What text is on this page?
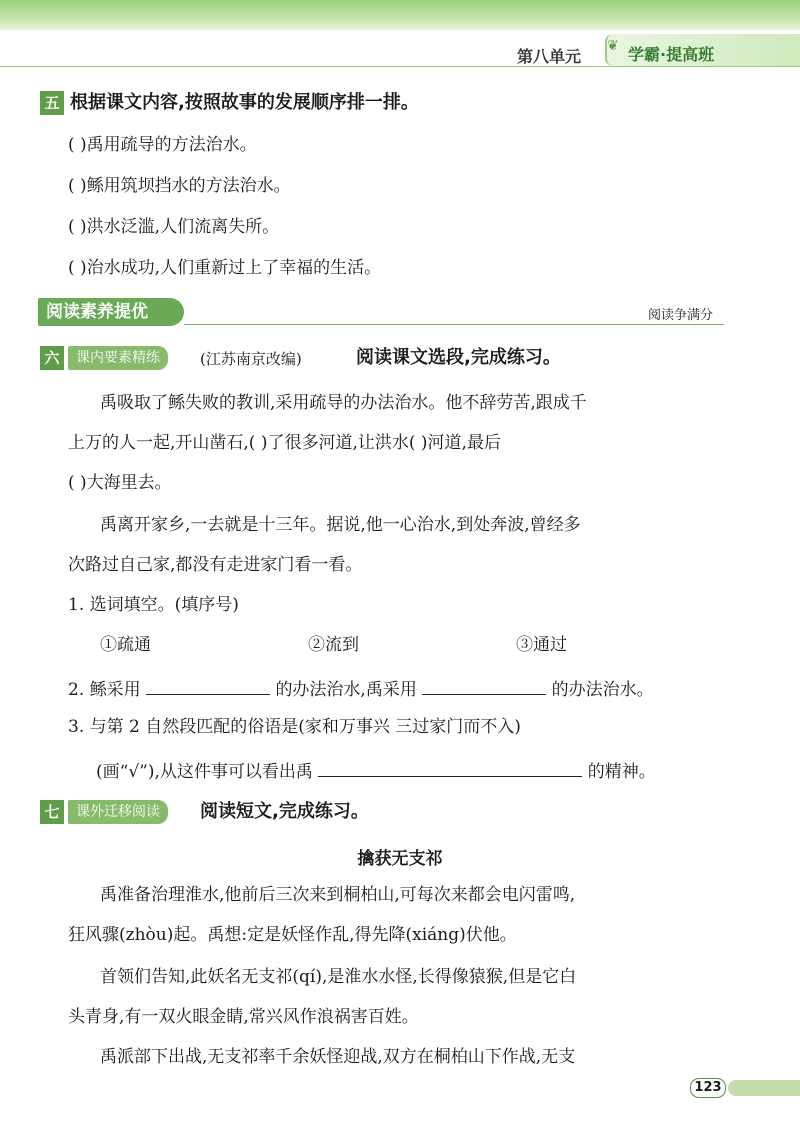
❦
第八单元	学霸·提高班
五 根据课文内容,按照故事的发展顺序排一排。
( )禹用疏导的方法治水。
( )鲧用筑坝挡水的方法治水。
( )洪水泛滥,人们流离失所。
( )治水成功,人们重新过上了幸福的生活。
阅读素养提优	阅读争满分
六	课内要素精练	(江苏南京改编)	阅读课文选段,完成练习。
禹吸取了鲧失败的教训,采用疏导的办法治水。他不辞劳苦,跟成千
上万的人一起,开山凿石,( )了很多河道,让洪水( )河道,最后
( )大海里去。
禹离开家乡,一去就是十三年。据说,他一心治水,到处奔波,曾经多
次路过自己家,都没有走进家门看一看。
1. 选词填空。(填序号)
①疏通	②流到	③通过
2. 鲧采用	的办法治水,禹采用	的办法治水。
3. 与第 2 自然段匹配的俗语是(家和万事兴 三过家门而不入)
(画“√”),从这件事可以看出禹	的精神。
七	课外迁移阅读	阅读短文,完成练习。
擒获无支祁
禹准备治理淮水,他前后三次来到桐柏山,可每次来都会电闪雷鸣,
狂风骤(zhòu)起。禹想:定是妖怪作乱,得先降(xiáng)伏他。
首领们告知,此妖名无支祁(qí),是淮水水怪,长得像猿猴,但是它白
头青身,有一双火眼金睛,常兴风作浪祸害百姓。
禹派部下出战,无支祁率千余妖怪迎战,双方在桐柏山下作战,无支
123
